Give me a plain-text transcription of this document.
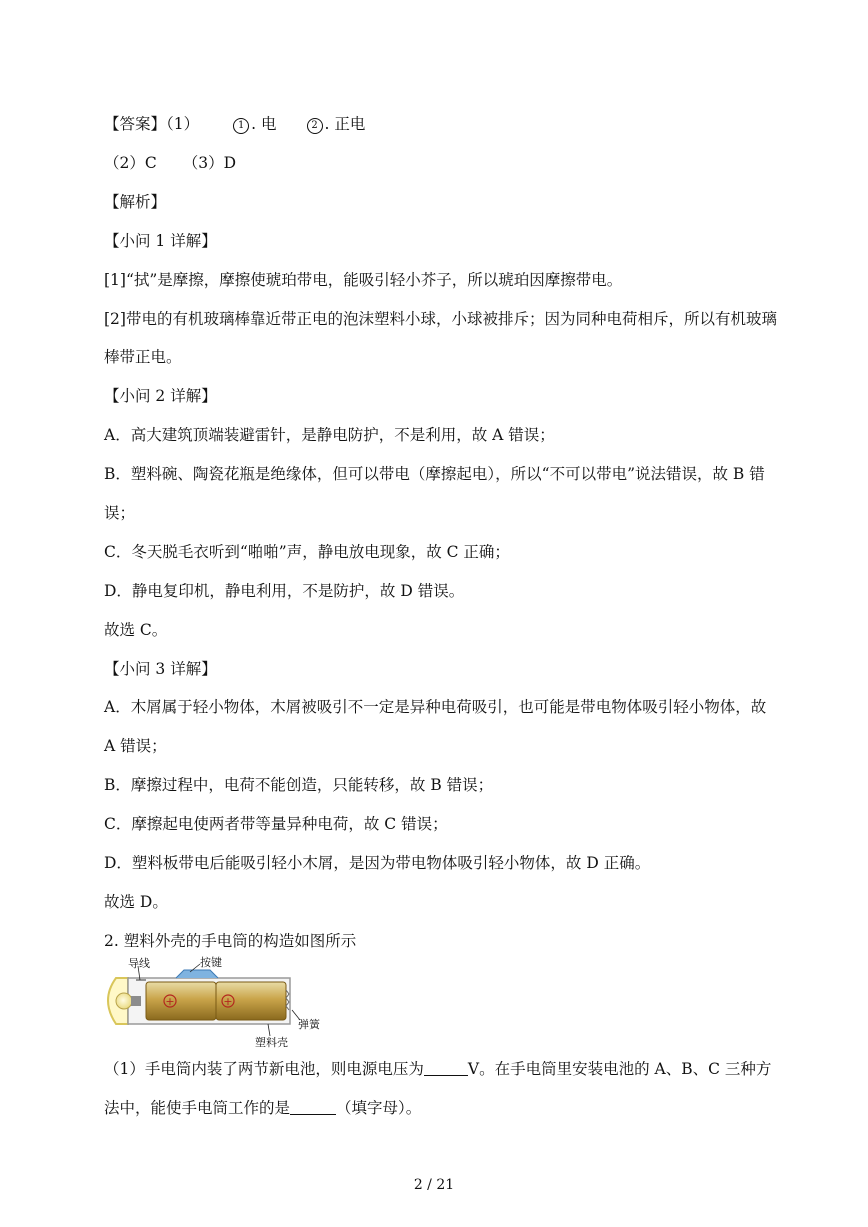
【答案】（1）	1 . 电	2 . 正电
（2）C （3）D
【解析】
【小问 1 详解】
[1]“拭”是摩擦，摩擦使琥珀带电，能吸引轻小芥子，所以琥珀因摩擦带电。
[2]带电的有机玻璃棒靠近带正电的泡沫塑料小球，小球被排斥；因为同种电荷相斥，所以有机玻璃
棒带正电。
【小问 2 详解】
A．高大建筑顶端装避雷针，是静电防护，不是利用，故 A 错误；
B．塑料碗、陶瓷花瓶是绝缘体，但可以带电（摩擦起电），所以“不可以带电”说法错误，故 B 错
误；
C．冬天脱毛衣听到“啪啪”声，静电放电现象，故 C 正确；
D．静电复印机，静电利用，不是防护，故 D 错误。
故选 C。
【小问 3 详解】
A．木屑属于轻小物体，木屑被吸引不一定是异种电荷吸引，也可能是带电物体吸引轻小物体，故
A 错误；
B．摩擦过程中，电荷不能创造，只能转移，故 B 错误；
C．摩擦起电使两者带等量异种电荷，故 C 错误；
D．塑料板带电后能吸引轻小木屑，是因为带电物体吸引轻小物体，故 D 正确。
故选 D。
2. 塑料外壳的手电筒的构造如图所示
+	+
导线	按键
弹簧
塑料壳
（1）手电筒内装了两节新电池，则电源电压为	V。在手电筒里安装电池的 A、B、C 三种方
法中，能使手电筒工作的是	（填字母）。
2 / 21
